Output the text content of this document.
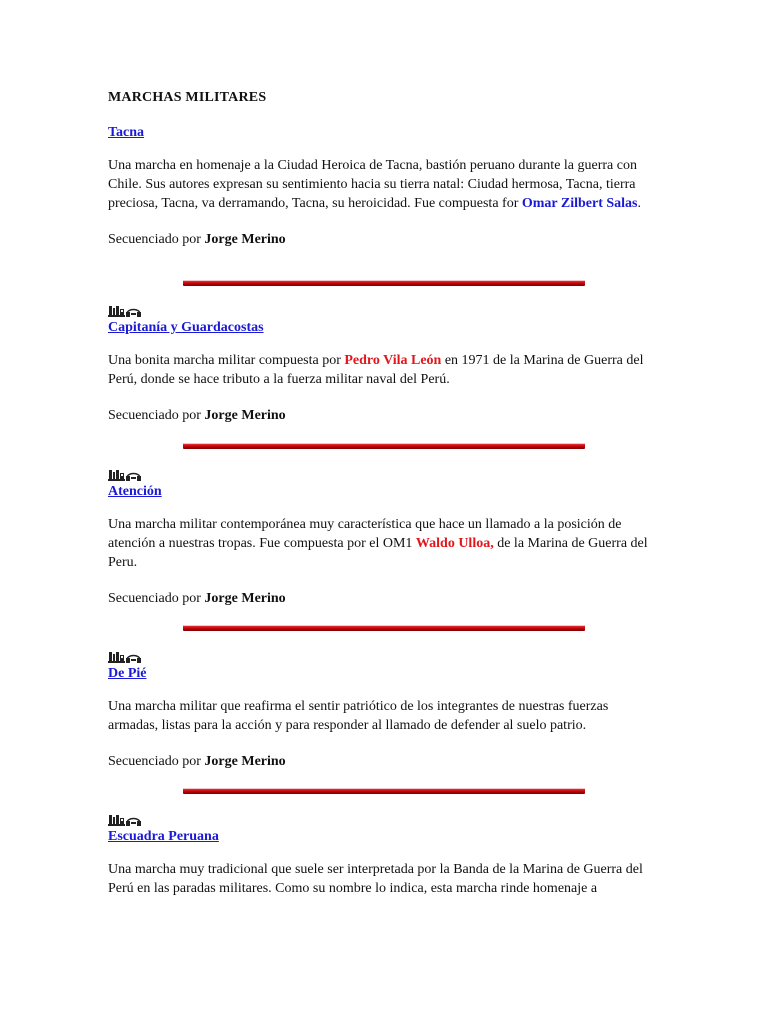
MARCHAS MILITARES
Tacna

Una marcha en homenaje a la Ciudad Heroica de Tacna, bastión peruano durante la guerra con Chile. Sus autores expresan su sentimiento hacia su tierra natal: Ciudad hermosa, Tacna, tierra preciosa, Tacna, va derramando, Tacna, su heroicidad. Fue compuesta for Omar Zilbert Salas.

Secuenciado por Jorge Merino
Capitanía y Guardacostas

Una bonita marcha militar compuesta por Pedro Vila León en 1971 de la Marina de Guerra del Perú, donde se hace tributo a la fuerza militar naval del Perú.

Secuenciado por Jorge Merino
Atención

Una marcha militar contemporánea muy característica que hace un llamado a la posición de atención a nuestras tropas. Fue compuesta por el OM1 Waldo Ulloa, de la Marina de Guerra del Peru.

Secuenciado por Jorge Merino
De Pié

Una marcha militar que reafirma el sentir patriótico de los integrantes de nuestras fuerzas armadas, listas para la acción y para responder al llamado de defender al suelo patrio.

Secuenciado por Jorge Merino
Escuadra Peruana

Una marcha muy tradicional que suele ser interpretada por la Banda de la Marina de Guerra del Perú en las paradas militares. Como su nombre lo indica, esta marcha rinde homenaje a
